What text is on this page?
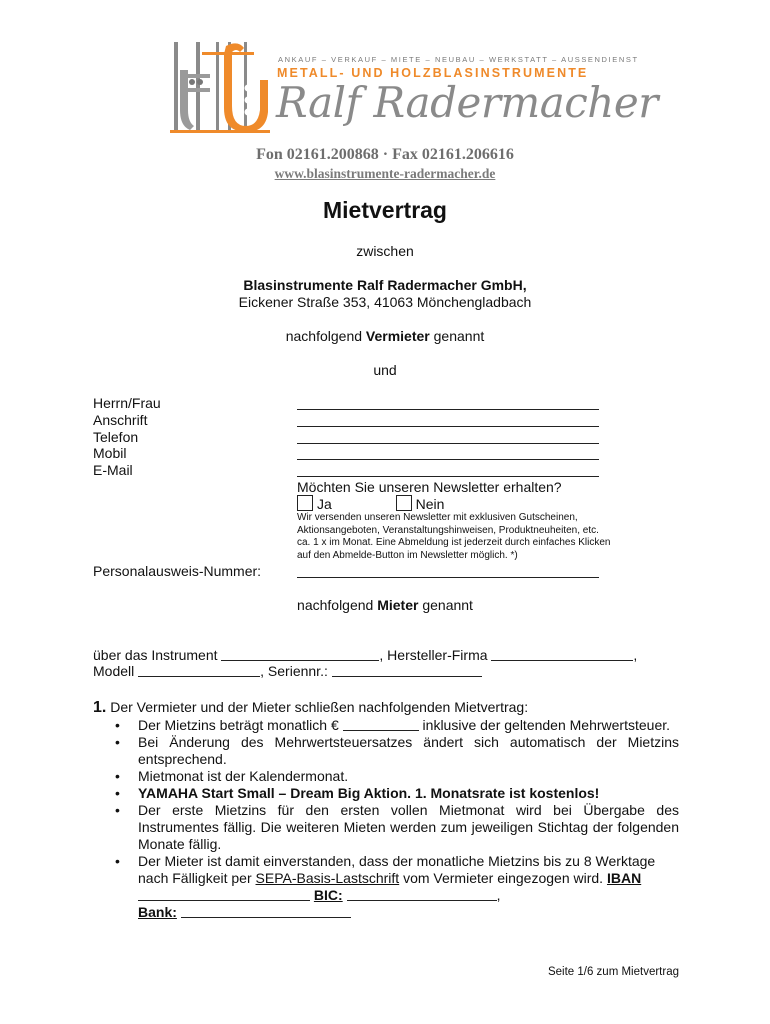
ANKAUF – VERKAUF – MIETE – NEUBAU – WERKSTATT – AUSSENDIENST
METALL- UND HOLZBLASINSTRUMENTE
Ralf Radermacher
Fon 02161.200868 · Fax 02161.206616
www.blasinstrumente-radermacher.de
Mietvertrag
zwischen
Blasinstrumente Ralf Radermacher GmbH,
Eickener Straße 353, 41063 Mönchengladbach
nachfolgend Vermieter genannt
und
Herrn/Frau
Anschrift
Telefon
Mobil
E-Mail
Möchten Sie unseren Newsletter erhalten?
Ja	Nein
Wir versenden unseren Newsletter mit exklusiven Gutscheinen,
Aktionsangeboten, Veranstaltungshinweisen, Produktneuheiten, etc.
ca. 1 x im Monat. Eine Abmeldung ist jederzeit durch einfaches Klicken
auf den Abmelde-Button im Newsletter möglich. *)
Personalausweis-Nummer:
nachfolgend Mieter genannt
über das Instrument	, Hersteller-Firma	,
Modell	, Seriennr.:
1. Der Vermieter und der Mieter schließen nachfolgenden Mietvertrag:
• Der Mietzins beträgt monatlich €	inklusive der geltenden Mehrwertsteuer.
• Bei Änderung des Mehrwertsteuersatzes ändert sich automatisch der Mietzins entsprechend.
• Mietmonat ist der Kalendermonat.
• YAMAHA Start Small – Dream Big Aktion. 1. Monatsrate ist kostenlos!
• Der erste Mietzins für den ersten vollen Mietmonat wird bei Übergabe des Instrumentes fällig. Die weiteren Mieten werden zum jeweiligen Stichtag der folgenden Monate fällig.
• Der Mieter ist damit einverstanden, dass der monatliche Mietzins bis zu 8 Werktage nach Fälligkeit per SEPA-Basis-Lastschrift vom Vermieter eingezogen wird. IBAN  BIC:	,
Bank:
Seite 1/6 zum Mietvertrag
